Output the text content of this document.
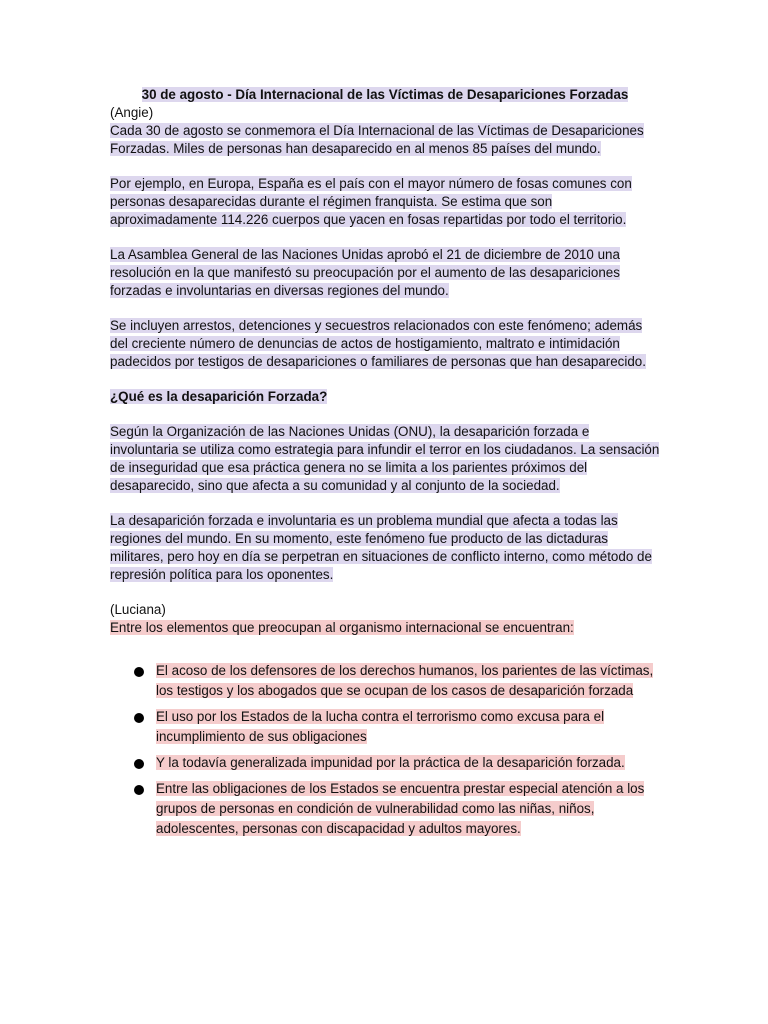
30 de agosto - Día Internacional de las Víctimas de Desapariciones Forzadas

(Angie)

Cada 30 de agosto se conmemora el Día Internacional de las Víctimas de Desapariciones Forzadas. Miles de personas han desaparecido en al menos 85 países del mundo.

Por ejemplo, en Europa, España es el país con el mayor número de fosas comunes con personas desaparecidas durante el régimen franquista. Se estima que son aproximadamente 114.226 cuerpos que yacen en fosas repartidas por todo el territorio.

La Asamblea General de las Naciones Unidas aprobó el 21 de diciembre de 2010 una resolución en la que manifestó su preocupación por el aumento de las desapariciones forzadas e involuntarias en diversas regiones del mundo.

Se incluyen arrestos, detenciones y secuestros relacionados con este fenómeno; además del creciente número de denuncias de actos de hostigamiento, maltrato e intimidación padecidos por testigos de desapariciones o familiares de personas que han desaparecido.

¿Qué es la desaparición Forzada?

Según la Organización de las Naciones Unidas (ONU), la desaparición forzada e involuntaria se utiliza como estrategia para infundir el terror en los ciudadanos. La sensación de inseguridad que esa práctica genera no se limita a los parientes próximos del desaparecido, sino que afecta a su comunidad y al conjunto de la sociedad.

La desaparición forzada e involuntaria es un problema mundial que afecta a todas las regiones del mundo. En su momento, este fenómeno fue producto de las dictaduras militares, pero hoy en día se perpetran en situaciones de conflicto interno, como método de represión política para los oponentes.

(Luciana)

Entre los elementos que preocupan al organismo internacional se encuentran:

El acoso de los defensores de los derechos humanos, los parientes de las víctimas, los testigos y los abogados que se ocupan de los casos de desaparición forzada
El uso por los Estados de la lucha contra el terrorismo como excusa para el incumplimiento de sus obligaciones
Y la todavía generalizada impunidad por la práctica de la desaparición forzada.
Entre las obligaciones de los Estados se encuentra prestar especial atención a los grupos de personas en condición de vulnerabilidad como las niñas, niños, adolescentes, personas con discapacidad y adultos mayores.
